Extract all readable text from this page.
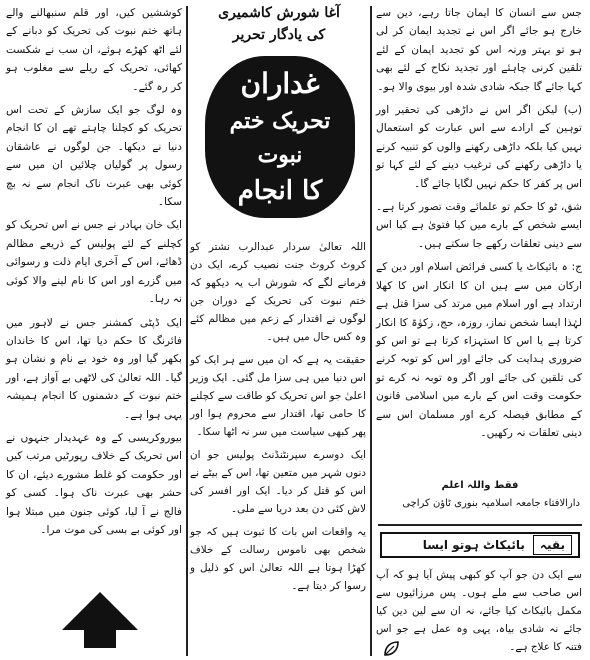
آغا شورش کاشمیری
کی یادگار تحریر
غداران
تحریک ختم نبوت
کا انجام

جس سے انسان کا ایمان جاتا رہے، دین سے خارج ہو جائے اگر اس نے تجدید ایمان کر لی ہو تو بہتر ورنہ اس کو تجدید ایمان کے لئے تلقین کرنی چاہئے اور تجدید نکاح کے لئے بھی کہا جائے گا جبکہ شادی شدہ اور بیوی والا ہو۔

(ب) لیکن اگر اس نے داڑھی کی تحقیر اور توہین کے ارادے سے اس عبارت کو استعمال نہیں کیا بلکہ داڑھی رکھنے والوں کو تنبیہ کرنے یا داڑھی رکھنے کی ترغیب دینے کے لئے کہا تو اس پر کفر کا حکم نہیں لگایا جائے گا۔

شق، ٹو کا حکم تو علمائے وقت تصور کرتا ہے۔ ایسے شخص کے بارے میں کیا فتویٰ ہے کیا اس سے دینی تعلقات رکھے جا سکتے ہیں۔

ج: ہ بائیکاٹ یا کسی فرائض اسلام اور دین کے ارکان میں سے ہیں ان کا انکار اس کا کھلا ارتداد ہے اور اسلام میں مرتد کی سزا قتل ہے لہٰذا ایسا شخص نماز، روزہ، حج، زکوٰۃ کا انکار کرتا ہے یا اس کا استہزاء کرتا ہے تو اس کو ضروری ہدایت کی جائے اور اس کو توبہ کرنے کی تلقین کی جائے اور اگر وہ توبہ نہ کرے تو حکومت وقت اس کے بارے میں اسلامی قانون کے مطابق فیصلہ کرے اور مسلمان اس سے دینی تعلقات نہ رکھیں۔

فقط واللہ اعلم
دارالافتاء جامعہ اسلامیہ بنوری ٹاؤن کراچی
بقیہ
بائیکاٹ ہوتو ایسا

سے ایک دن جو آپ کو کبھی پیش آیا ہو کہ آپ اس صاحب سے ملے ہوں۔ پس مرزائیوں سے مکمل بائیکاٹ کیا جائے، نہ ان سے لین دین کیا جائے نہ شادی بیاہ، یہی وہ عمل ہے جو اس فتنہ کا علاج ہے۔

کوششیں کیں، اور قلم سنبھالنے والے ہاتھ ختم نبوت کی تحریک کو دبانے کے لئے اٹھ کھڑے ہوئے، ان سب نے شکست کھائی، تحریک کے ریلے سے مغلوب ہو کر رہ گئے۔

وہ لوگ جو ایک سازش کے تحت اس تحریک کو کچلنا چاہتے تھے ان کا انجام دنیا نے دیکھا۔ جن لوگوں نے عاشقان رسول پر گولیاں چلائیں ان میں سے کوئی بھی عبرت ناک انجام سے نہ بچ سکا۔

ایک خان بہادر نے جس نے اس تحریک کو کچلنے کے لئے پولیس کے ذریعے مظالم ڈھائے، اس کے آخری ایام ذلت و رسوائی میں گزرے اور اس کا نام لینے والا کوئی نہ رہا۔

ایک ڈپٹی کمشنر جس نے لاہور میں فائرنگ کا حکم دیا تھا، اس کا خاندان بکھر گیا اور وہ خود بے نام و نشان ہو گیا۔ اللہ تعالیٰ کی لاٹھی بے آواز ہے، اور ختم نبوت کے دشمنوں کا انجام ہمیشہ یہی ہوا ہے۔

بیوروکریسی کے وہ عہدیدار جنہوں نے اس تحریک کے خلاف رپورٹیں مرتب کیں اور حکومت کو غلط مشورے دیئے، ان کا حشر بھی عبرت ناک ہوا۔ کسی کو فالج نے آ لیا، کوئی جنون میں مبتلا ہوا اور کوئی بے بسی کی موت مرا۔

اللہ تعالیٰ سردار عبدالرب نشتر کو کروٹ کروٹ جنت نصیب کرے، ایک دن فرمانے لگے کہ شورش اب یہ دیکھو کہ ختم نبوت کی تحریک کے دوران جن لوگوں نے اقتدار کے زعم میں مظالم کئے وہ کس حال میں ہیں۔

حقیقت یہ ہے کہ ان میں سے ہر ایک کو اس دنیا میں ہی سزا مل گئی۔ ایک وزیر اعلیٰ جو اس تحریک کو طاقت سے کچلنے کا حامی تھا، اقتدار سے محروم ہوا اور پھر کبھی سیاست میں سر نہ اٹھا سکا۔

ایک دوسرے سپرنٹنڈنٹ پولیس جو ان دنوں شہر میں متعین تھا، اس کے بیٹے نے اس کو قتل کر دیا۔ ایک اور افسر کی لاش کئی دن بعد دریا سے ملی۔

یہ واقعات اس بات کا ثبوت ہیں کہ جو شخص بھی ناموس رسالت کے خلاف کھڑا ہوتا ہے اللہ تعالیٰ اس کو ذلیل و رسوا کر دیتا ہے۔
